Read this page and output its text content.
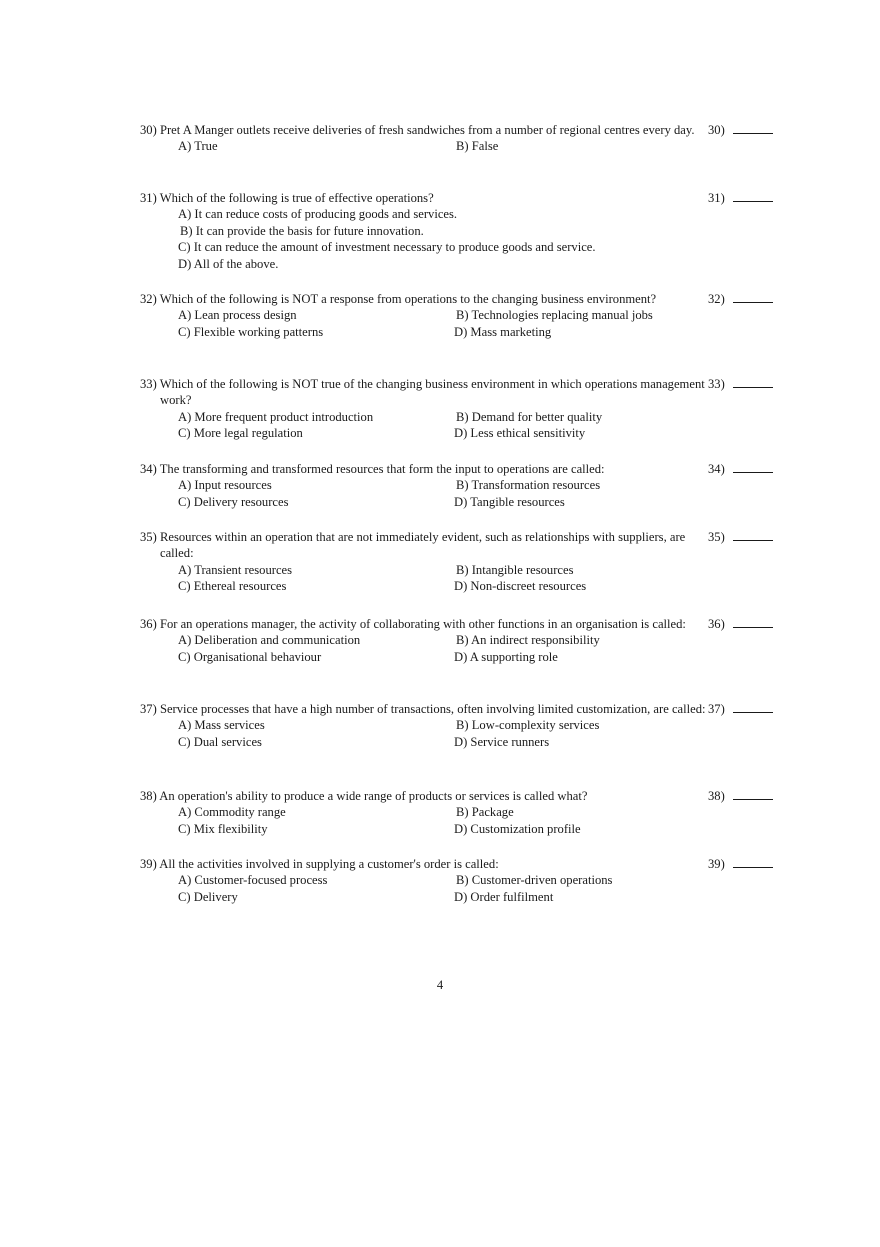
30) Pret A Manger outlets receive deliveries of fresh sandwiches from a number of regional centres every day.	30)
A) True	B) False
31) Which of the following is true of effective operations?	31)
A) It can reduce costs of producing goods and services.
B) It can provide the basis for future innovation.
C) It can reduce the amount of investment necessary to produce goods and service.
D) All of the above.
32) Which of the following is NOT a response from operations to the changing business environment?	32)
A) Lean process design	B) Technologies replacing manual jobs
C) Flexible working patterns	D) Mass marketing
33) Which of the following is NOT true of the changing business environment in which operations management work?
33)
A) More frequent product introduction	B) Demand for better quality
C) More legal regulation	D) Less ethical sensitivity
34) The transforming and transformed resources that form the input to operations are called:	34)
A) Input resources	B) Transformation resources
C) Delivery resources	D) Tangible resources
35) Resources within an operation that are not immediately evident, such as relationships with suppliers, are called:
35)
A) Transient resources	B) Intangible resources
C) Ethereal resources	D) Non-discreet resources
36) For an operations manager, the activity of collaborating with other functions in an organisation is called:	36)
A) Deliberation and communication	B) An indirect responsibility
C) Organisational behaviour	D) A supporting role
37) Service processes that have a high number of transactions, often involving limited customization, are called: 37)
A) Mass services	B) Low-complexity services
C) Dual services	D) Service runners
38) An operation's ability to produce a wide range of products or services is called what?	38)
A) Commodity range	B) Package
C) Mix flexibility	D) Customization profile
39) All the activities involved in supplying a customer's order is called:	39)
A) Customer-focused process	B) Customer-driven operations
C) Delivery	D) Order fulfilment
4
